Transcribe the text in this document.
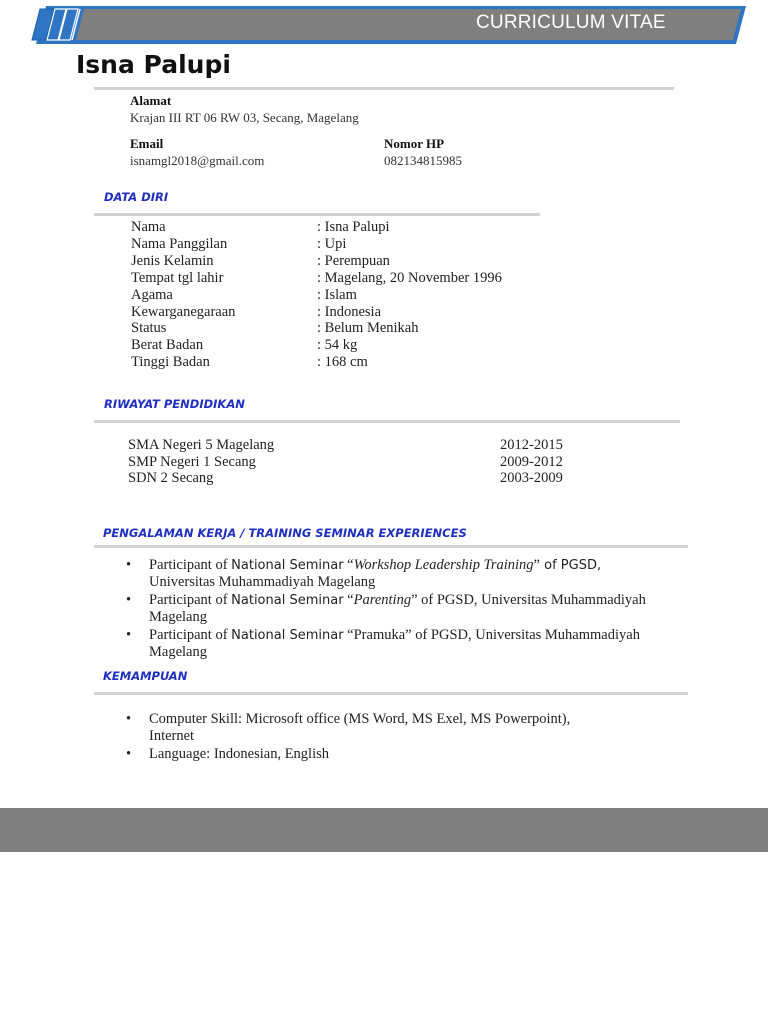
CURRICULUM VITAE
Isna Palupi
Alamat
Krajan III RT 06 RW 03, Secang, Magelang
Email
isnamgl2018@gmail.com
Nomor HP
082134815985
DATA DIRI
Nama	: Isna Palupi
Nama Panggilan	: Upi
Jenis Kelamin	: Perempuan
Tempat tgl lahir	: Magelang, 20 November 1996
Agama	: Islam
Kewarganegaraan	: Indonesia
Status	: Belum Menikah
Berat Badan	: 54 kg
Tinggi Badan	: 168 cm
RIWAYAT PENDIDIKAN
SMA Negeri 5 Magelang	2012-2015
SMP Negeri 1 Secang	2009-2012
SDN 2 Secang	2003-2009
PENGALAMAN KERJA / TRAINING SEMINAR EXPERIENCES
• Participant of National Seminar “Workshop Leadership Training” of PGSD,
Universitas Muhammadiyah Magelang
• Participant of National Seminar “Parenting” of PGSD, Universitas Muhammadiyah
Magelang
• Participant of National Seminar “Pramuka” of PGSD, Universitas Muhammadiyah
Magelang
KEMAMPUAN
• Computer Skill: Microsoft office (MS Word, MS Exel, MS Powerpoint),
Internet
• Language: Indonesian, English
